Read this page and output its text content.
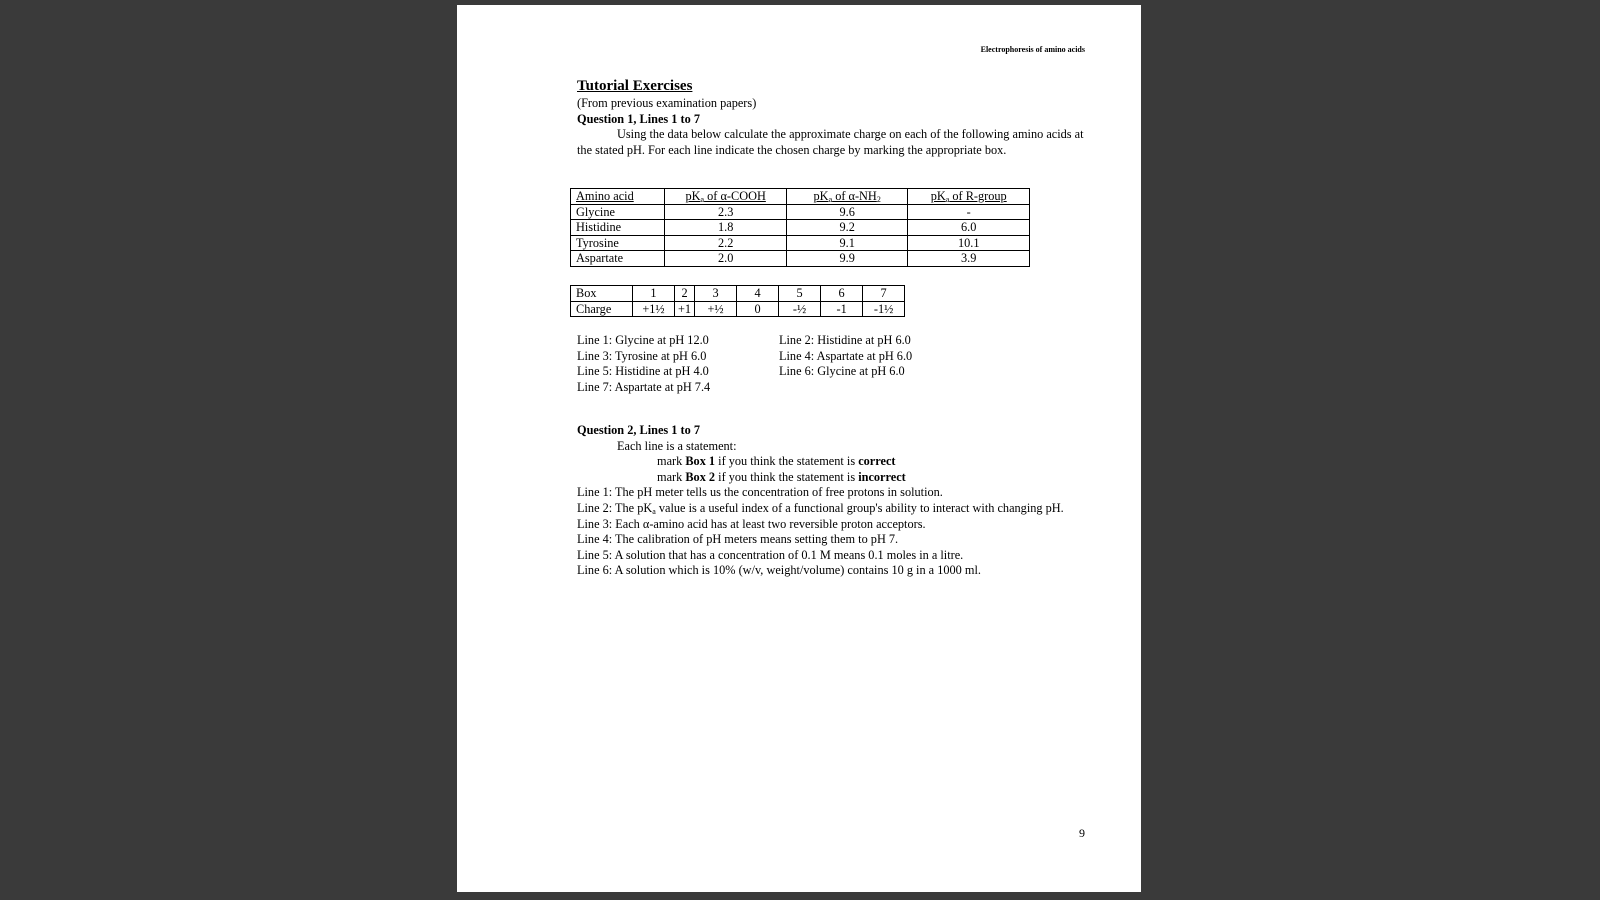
Electrophoresis of amino acids
Tutorial Exercises

(From previous examination papers)

Question 1, Lines 1 to 7

Using the data below calculate the approximate charge on each of the following amino acids at the stated pH. For each line indicate the chosen charge by marking the appropriate box.

Amino acid	$pK_a$ of α-COOH	$pK_a$ of $\alpha-NH_2$	$pK_a$ of R-group
Glycine	2.3	9.6	-
Histidine	1.8	9.2	6.0
Tyrosine	2.2	9.1	10.1
Aspartate	2.0	9.9	3.9
Box	1	2	3	4	5	6	7
Charge	+1½	+1	+½	0	-½	-1	-1½
Line 1: Glycine at pH 12.0	Line 2: Histidine at pH 6.0
Line 3: Tyrosine at pH 6.0	Line 4: Aspartate at pH 6.0
Line 5: Histidine at pH 4.0	Line 6: Glycine at pH 6.0
Line 7: Aspartate at pH 7.4

Question 2, Lines 1 to 7

Each line is a statement:

mark Box 1 if you think the statement is correct

mark Box 2 if you think the statement is incorrect

Line 1: The pH meter tells us the concentration of free protons in solution.

Line 2: The $pK_a$ value is a useful index of a functional group's ability to interact with changing pH.

Line 3: Each α-amino acid has at least two reversible proton acceptors.

Line 4: The calibration of pH meters means setting them to pH 7.

Line 5: A solution that has a concentration of 0.1 M means 0.1 moles in a litre.

Line 6: A solution which is 10% (w/v, weight/volume) contains 10 g in a 1000 ml.

9
